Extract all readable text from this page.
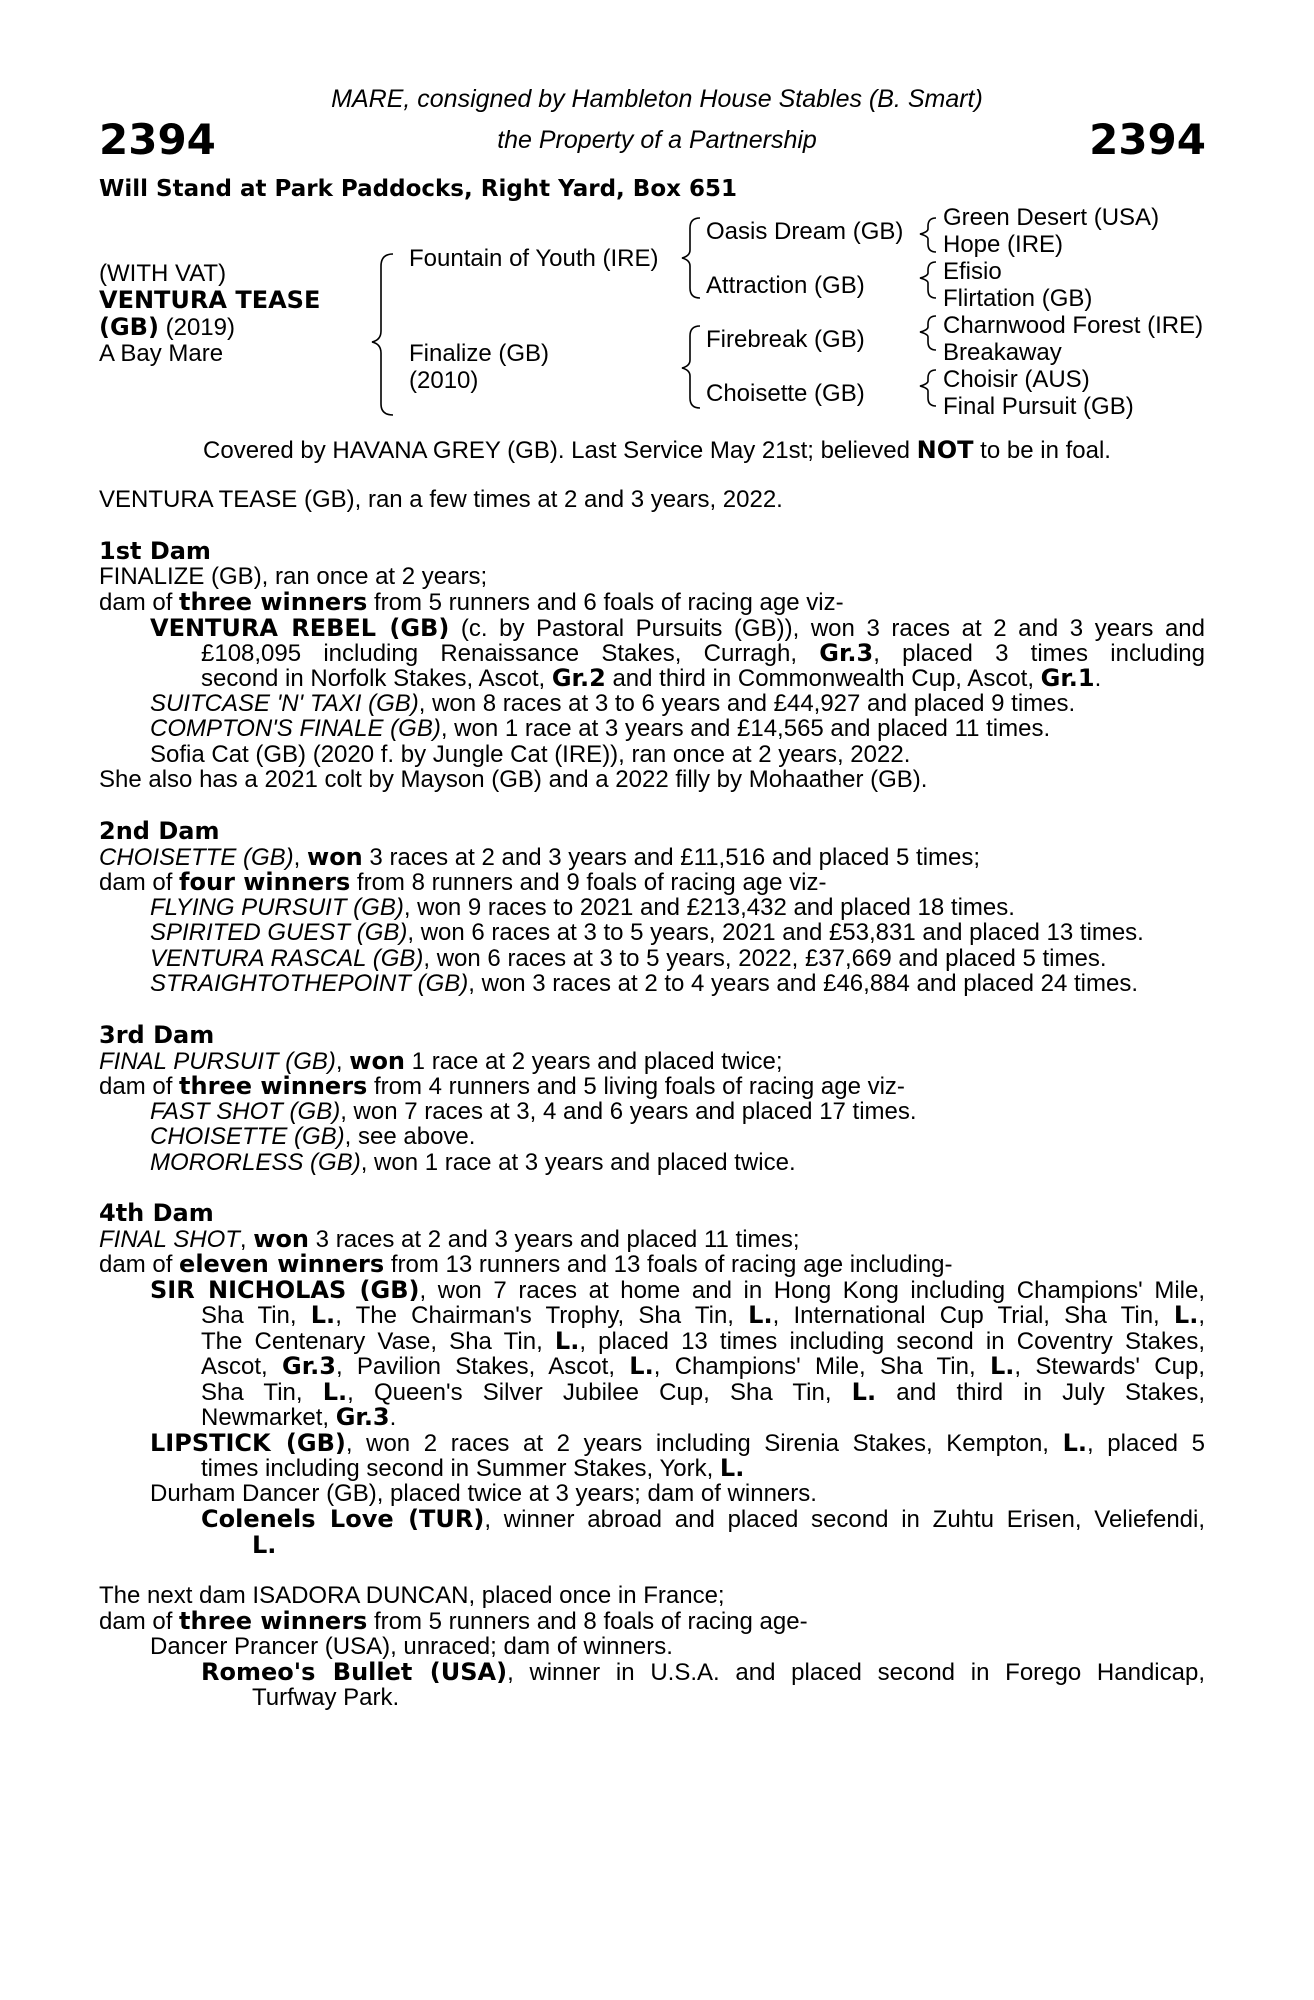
2394	2394
MARE, consigned by Hambleton House Stables (B. Smart)
the Property of a Partnership
Will Stand at Park Paddocks, Right Yard, Box 651
(WITH VAT)
VENTURA TEASE
(GB) (2019)
A Bay Mare
Fountain of Youth (IRE)
Finalize (GB)
(2010)
Oasis Dream (GB)
Attraction (GB)
Firebreak (GB)
Choisette (GB)
Green Desert (USA)
Hope (IRE)
Efisio
Flirtation (GB)
Charnwood Forest (IRE)
Breakaway
Choisir (AUS)
Final Pursuit (GB)
Covered by HAVANA GREY (GB). Last Service May 21st; believed NOT to be in foal.
VENTURA TEASE (GB), ran a few times at 2 and 3 years, 2022.
1st Dam
FINALIZE (GB), ran once at 2 years;
dam of three winners from 5 runners and 6 foals of racing age viz-
VENTURA REBEL (GB) (c. by Pastoral Pursuits (GB)), won 3 races at 2 and 3 years and
£108,095 including Renaissance Stakes, Curragh, Gr.3, placed 3 times including
second in Norfolk Stakes, Ascot, Gr.2 and third in Commonwealth Cup, Ascot, Gr.1.
SUITCASE 'N' TAXI (GB), won 8 races at 3 to 6 years and £44,927 and placed 9 times.
COMPTON'S FINALE (GB), won 1 race at 3 years and £14,565 and placed 11 times.
Sofia Cat (GB) (2020 f. by Jungle Cat (IRE)), ran once at 2 years, 2022.
She also has a 2021 colt by Mayson (GB) and a 2022 filly by Mohaather (GB).
2nd Dam
CHOISETTE (GB), won 3 races at 2 and 3 years and £11,516 and placed 5 times;
dam of four winners from 8 runners and 9 foals of racing age viz-
FLYING PURSUIT (GB), won 9 races to 2021 and £213,432 and placed 18 times.
SPIRITED GUEST (GB), won 6 races at 3 to 5 years, 2021 and £53,831 and placed 13 times.
VENTURA RASCAL (GB), won 6 races at 3 to 5 years, 2022, £37,669 and placed 5 times.
STRAIGHTOTHEPOINT (GB), won 3 races at 2 to 4 years and £46,884 and placed 24 times.
3rd Dam
FINAL PURSUIT (GB), won 1 race at 2 years and placed twice;
dam of three winners from 4 runners and 5 living foals of racing age viz-
FAST SHOT (GB), won 7 races at 3, 4 and 6 years and placed 17 times.
CHOISETTE (GB), see above.
MORORLESS (GB), won 1 race at 3 years and placed twice.
4th Dam
FINAL SHOT, won 3 races at 2 and 3 years and placed 11 times;
dam of eleven winners from 13 runners and 13 foals of racing age including-
SIR NICHOLAS (GB), won 7 races at home and in Hong Kong including Champions' Mile,
Sha Tin, L., The Chairman's Trophy, Sha Tin, L., International Cup Trial, Sha Tin, L.,
The Centenary Vase, Sha Tin, L., placed 13 times including second in Coventry Stakes,
Ascot, Gr.3, Pavilion Stakes, Ascot, L., Champions' Mile, Sha Tin, L., Stewards' Cup,
Sha Tin, L., Queen's Silver Jubilee Cup, Sha Tin, L. and third in July Stakes,
Newmarket, Gr.3.
LIPSTICK (GB), won 2 races at 2 years including Sirenia Stakes, Kempton, L., placed 5
times including second in Summer Stakes, York, L.
Durham Dancer (GB), placed twice at 3 years; dam of winners.
Colenels Love (TUR), winner abroad and placed second in Zuhtu Erisen, Veliefendi,
L.
The next dam ISADORA DUNCAN, placed once in France;
dam of three winners from 5 runners and 8 foals of racing age-
Dancer Prancer (USA), unraced; dam of winners.
Romeo's Bullet (USA), winner in U.S.A. and placed second in Forego Handicap,
Turfway Park.
